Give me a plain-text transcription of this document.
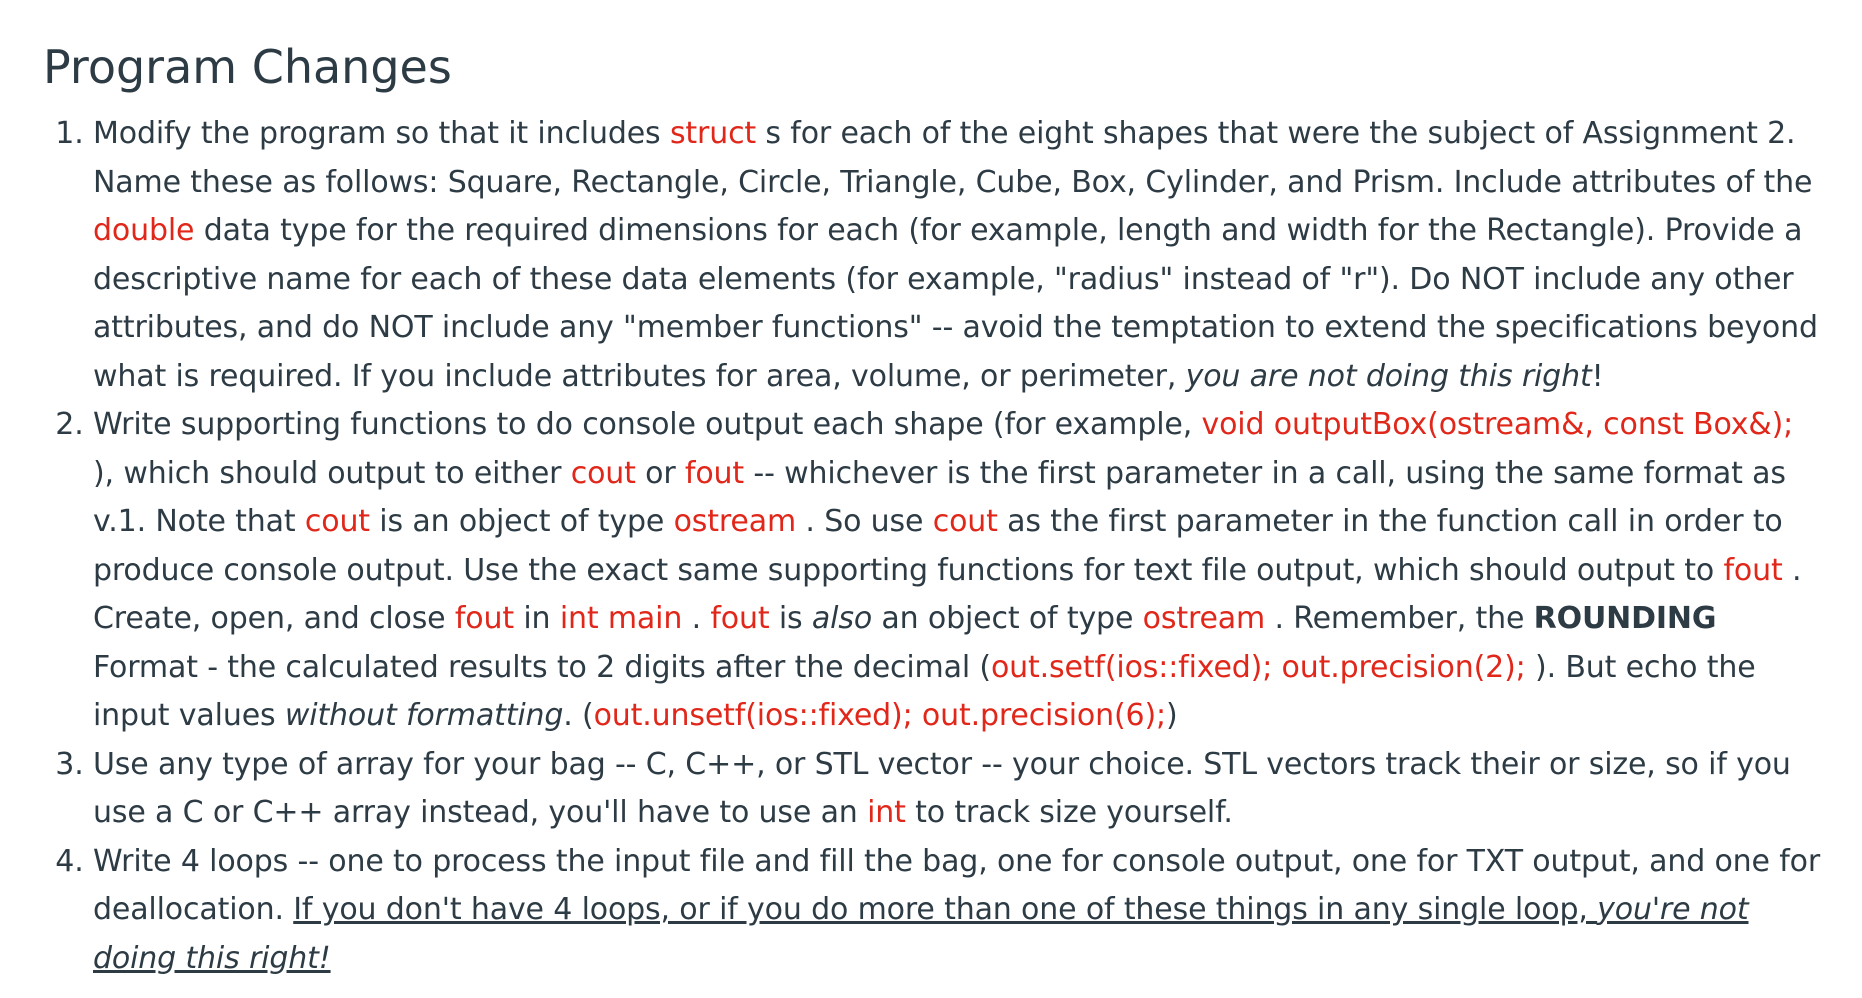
Program Changes
1. Modify the program so that it includes struct s for each of the eight shapes that were the subject of Assignment 2. Name these as follows: Square, Rectangle, Circle, Triangle, Cube, Box, Cylinder, and Prism. Include attributes of the double data type for the required dimensions for each (for example, length and width for the Rectangle). Provide a descriptive name for each of these data elements (for example, "radius" instead of "r"). Do NOT include any other attributes, and do NOT include any "member functions" -- avoid the temptation to extend the specifications beyond what is required. If you include attributes for area, volume, or perimeter, you are not doing this right!
2. Write supporting functions to do console output each shape (for example, void outputBox(ostream&, const Box&); ), which should output to either cout or fout -- whichever is the first parameter in a call, using the same format as v.1. Note that cout is an object of type ostream . So use cout as the first parameter in the function call in order to produce console output. Use the exact same supporting functions for text file output, which should output to fout . Create, open, and close fout in int main . fout is also an object of type ostream . Remember, the ROUNDING Format - the calculated results to 2 digits after the decimal (out.setf(ios::fixed); out.precision(2); ). But echo the input values without formatting. (out.unsetf(ios::fixed); out.precision(6);)
3. Use any type of array for your bag -- C, C++, or STL vector -- your choice. STL vectors track their or size, so if you use a C or C++ array instead, you'll have to use an int to track size yourself.
4. Write 4 loops -- one to process the input file and fill the bag, one for console output, one for TXT output, and one for deallocation. If you don't have 4 loops, or if you do more than one of these things in any single loop, you're not doing this right!
